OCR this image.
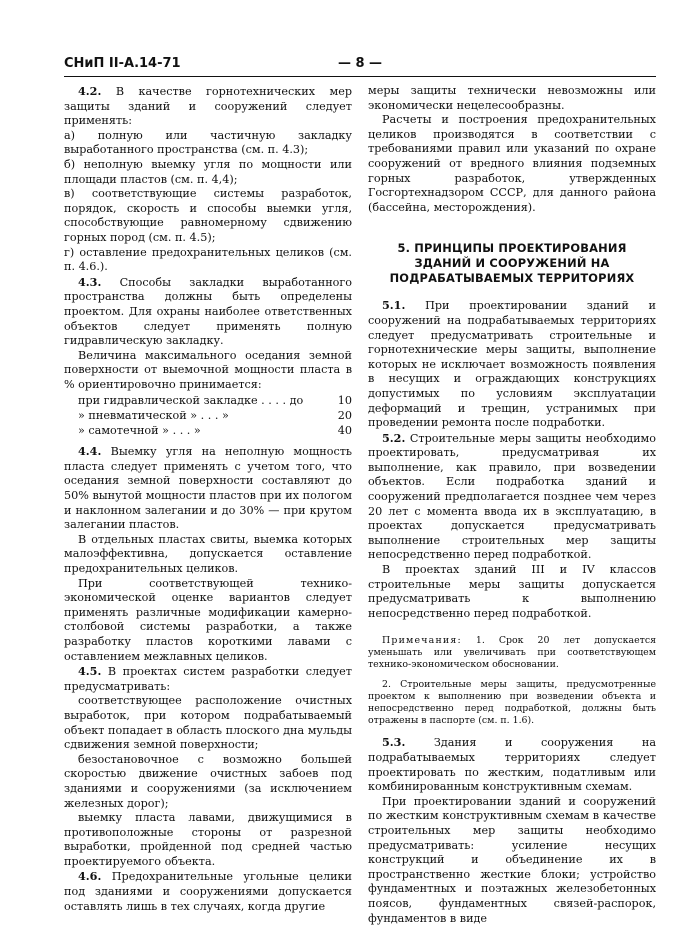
СНиП II-А.14-71	— 8 —

4.2. В качестве горнотехнических мер защиты зданий и сооружений следует применять:

а) полную или частичную закладку выработанного пространства (см. п. 4.3);

б) неполную выемку угля по мощности или площади пластов (см. п. 4,4);

в) соответствующие системы разработок, порядок, скорость и способы выемки угля, способствующие равномерному сдвижению горных пород (см. п. 4.5);

г) оставление предохранительных целиков (см. п. 4.6.).

4.3. Способы закладки выработанного пространства должны быть определены проектом. Для охраны наиболее ответственных объектов следует применять полную гидравлическую закладку.

Величина максимального оседания земной поверхности от выемочной мощности пласта в % ориентировочно принимается:

при гидравлической закладке . . . . до	10
» пневматической » . . . »	20
» самотечной » . . . »	40

4.4. Выемку угля на неполную мощность пласта следует применять с учетом того, что оседания земной поверхности составляют до 50% вынутой мощности пластов при их пологом и наклонном залегании и до 30% — при крутом залегании пластов.

В отдельных пластах свиты, выемка которых малоэффективна, допускается оставление предохранительных целиков.

При соответствующей технико-экономической оценке вариантов следует применять различные модификации камерно-столбовой системы разработки, а также разработку пластов короткими лавами с оставлением межлавных целиков.

4.5. В проектах систем разработки следует предусматривать:

соответствующее расположение очистных выработок, при котором подрабатываемый объект попадает в область плоского дна мульды сдвижения земной поверхности;

безостановочное с возможно большей скоростью движение очистных забоев под зданиями и сооружениями (за исключением железных дорог);

выемку пласта лавами, движущимися в противоположные стороны от разрезной выработки, пройденной под средней частью проектируемого объекта.

4.6. Предохранительные угольные целики под зданиями и сооружениями допускается оставлять лишь в тех случаях, когда другие

меры защиты технически невозможны или экономически нецелесообразны.

Расчеты и построения предохранительных целиков производятся в соответствии с требованиями правил или указаний по охране сооружений от вредного влияния подземных горных разработок, утвержденных Госгортехнадзором СССР, для данного района (бассейна, месторождения).

5. ПРИНЦИПЫ ПРОЕКТИРОВАНИЯ ЗДАНИЙ И СООРУЖЕНИЙ НА ПОДРАБАТЫВАЕМЫХ ТЕРРИТОРИЯХ

5.1. При проектировании зданий и сооружений на подрабатываемых территориях следует предусматривать строительные и горнотехнические меры защиты, выполнение которых не исключает возможность появления в несущих и ограждающих конструкциях допустимых по условиям эксплуатации деформаций и трещин, устранимых при проведении ремонта после подработки.

5.2. Строительные меры защиты необходимо проектировать, предусматривая их выполнение, как правило, при возведении объектов. Если подработка зданий и сооружений предполагается позднее чем через 20 лет с момента ввода их в эксплуатацию, в проектах допускается предусматривать выполнение строительных мер защиты непосредственно перед подработкой.

В проектах зданий III и IV классов строительные меры защиты допускается предусматривать к выполнению непосредственно перед подработкой.

Примечания: 1. Срок 20 лет допускается уменьшать или увеличивать при соответствующем технико-экономическом обосновании.

2. Строительные меры защиты, предусмотренные проектом к выполнению при возведении объекта и непосредственно перед подработкой, должны быть отражены в паспорте (см. п. 1.6).

5.3.	Здания и сооружения на подрабатываемых территориях следует проектировать по жестким, податливым или комбинированным конструктивным схемам.

При проектировании зданий и сооружений по жестким конструктивным схемам в качестве строительных мер защиты необходимо предусматривать: усиление несущих конструкций и объединение их в пространственно жесткие блоки; устройство фундаментных и поэтажных железобетонных поясов, фундаментных связей-распорок, фундаментов в виде
